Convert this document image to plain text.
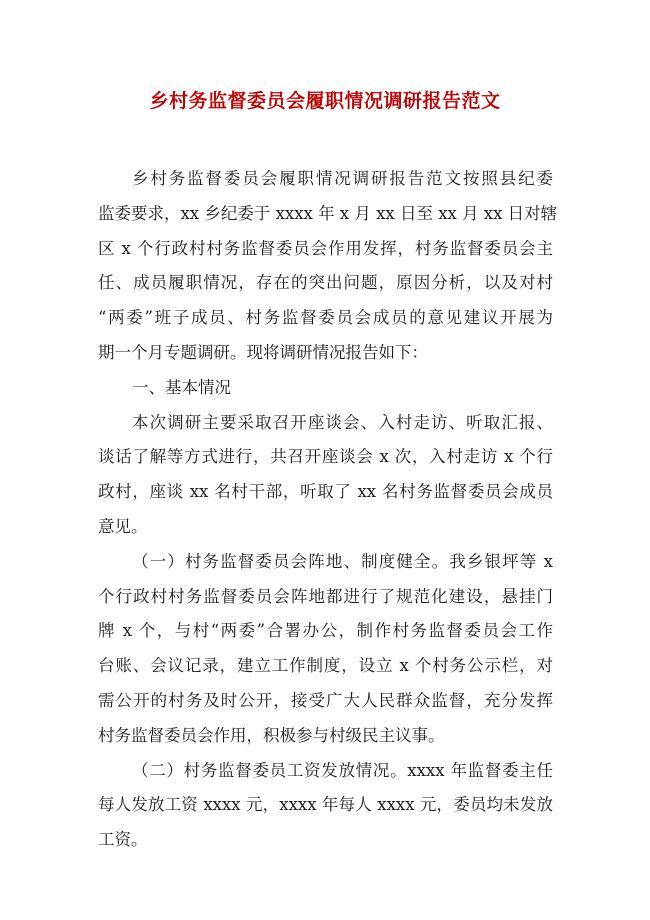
乡村务监督委员会履职情况调研报告范文
乡村务监督委员会履职情况调研报告范文按照县纪委
监委要求，xx 乡纪委于 xxxx 年 x 月 xx 日至 xx 月 xx 日对辖
区 x 个行政村村务监督委员会作用发挥，村务监督委员会主
任、成员履职情况，存在的突出问题，原因分析，以及对村
“两委”班子成员、村务监督委员会成员的意见建议开展为
期一个月专题调研。现将调研情况报告如下：
一、基本情况
本次调研主要采取召开座谈会、入村走访、听取汇报、
谈话了解等方式进行，共召开座谈会 x 次，入村走访 x 个行
政村，座谈 xx 名村干部，听取了 xx 名村务监督委员会成员
意见。
（一）村务监督委员会阵地、制度健全。我乡银坪等 x
个行政村村务监督委员会阵地都进行了规范化建设，悬挂门
牌 x 个，与村“两委”合署办公，制作村务监督委员会工作
台账、会议记录，建立工作制度，设立 x 个村务公示栏，对
需公开的村务及时公开，接受广大人民群众监督，充分发挥
村务监督委员会作用，积极参与村级民主议事。
（二）村务监督委员工资发放情况。xxxx 年监督委主任
每人发放工资 xxxx 元，xxxx 年每人 xxxx 元，委员均未发放
工资。
